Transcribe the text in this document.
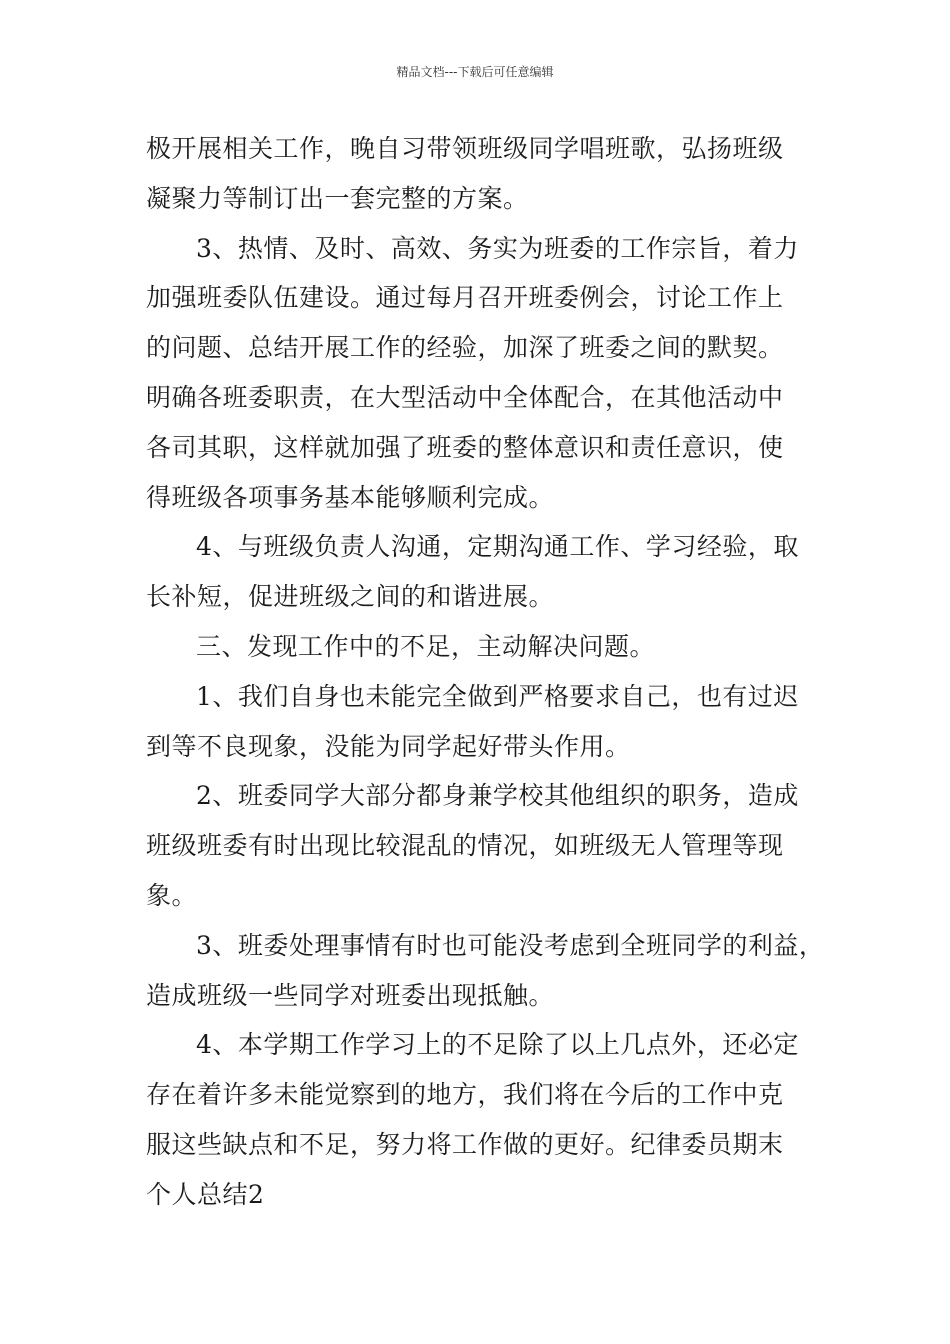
精品文档---下载后可任意编辑
极开展相关工作，晚自习带领班级同学唱班歌，弘扬班级
凝聚力等制订出一套完整的方案。
3、热情、及时、高效、务实为班委的工作宗旨，着力
加强班委队伍建设。通过每月召开班委例会，讨论工作上
的问题、总结开展工作的经验，加深了班委之间的默契。
明确各班委职责，在大型活动中全体配合，在其他活动中
各司其职，这样就加强了班委的整体意识和责任意识，使
得班级各项事务基本能够顺利完成。
4、与班级负责人沟通，定期沟通工作、学习经验，取
长补短，促进班级之间的和谐进展。
三、发现工作中的不足，主动解决问题。
1、我们自身也未能完全做到严格要求自己，也有过迟
到等不良现象，没能为同学起好带头作用。
2、班委同学大部分都身兼学校其他组织的职务，造成
班级班委有时出现比较混乱的情况，如班级无人管理等现
象。
3、班委处理事情有时也可能没考虑到全班同学的利益，
造成班级一些同学对班委出现抵触。
4、本学期工作学习上的不足除了以上几点外，还必定
存在着许多未能觉察到的地方，我们将在今后的工作中克
服这些缺点和不足，努力将工作做的更好。纪律委员期末
个人总结2
